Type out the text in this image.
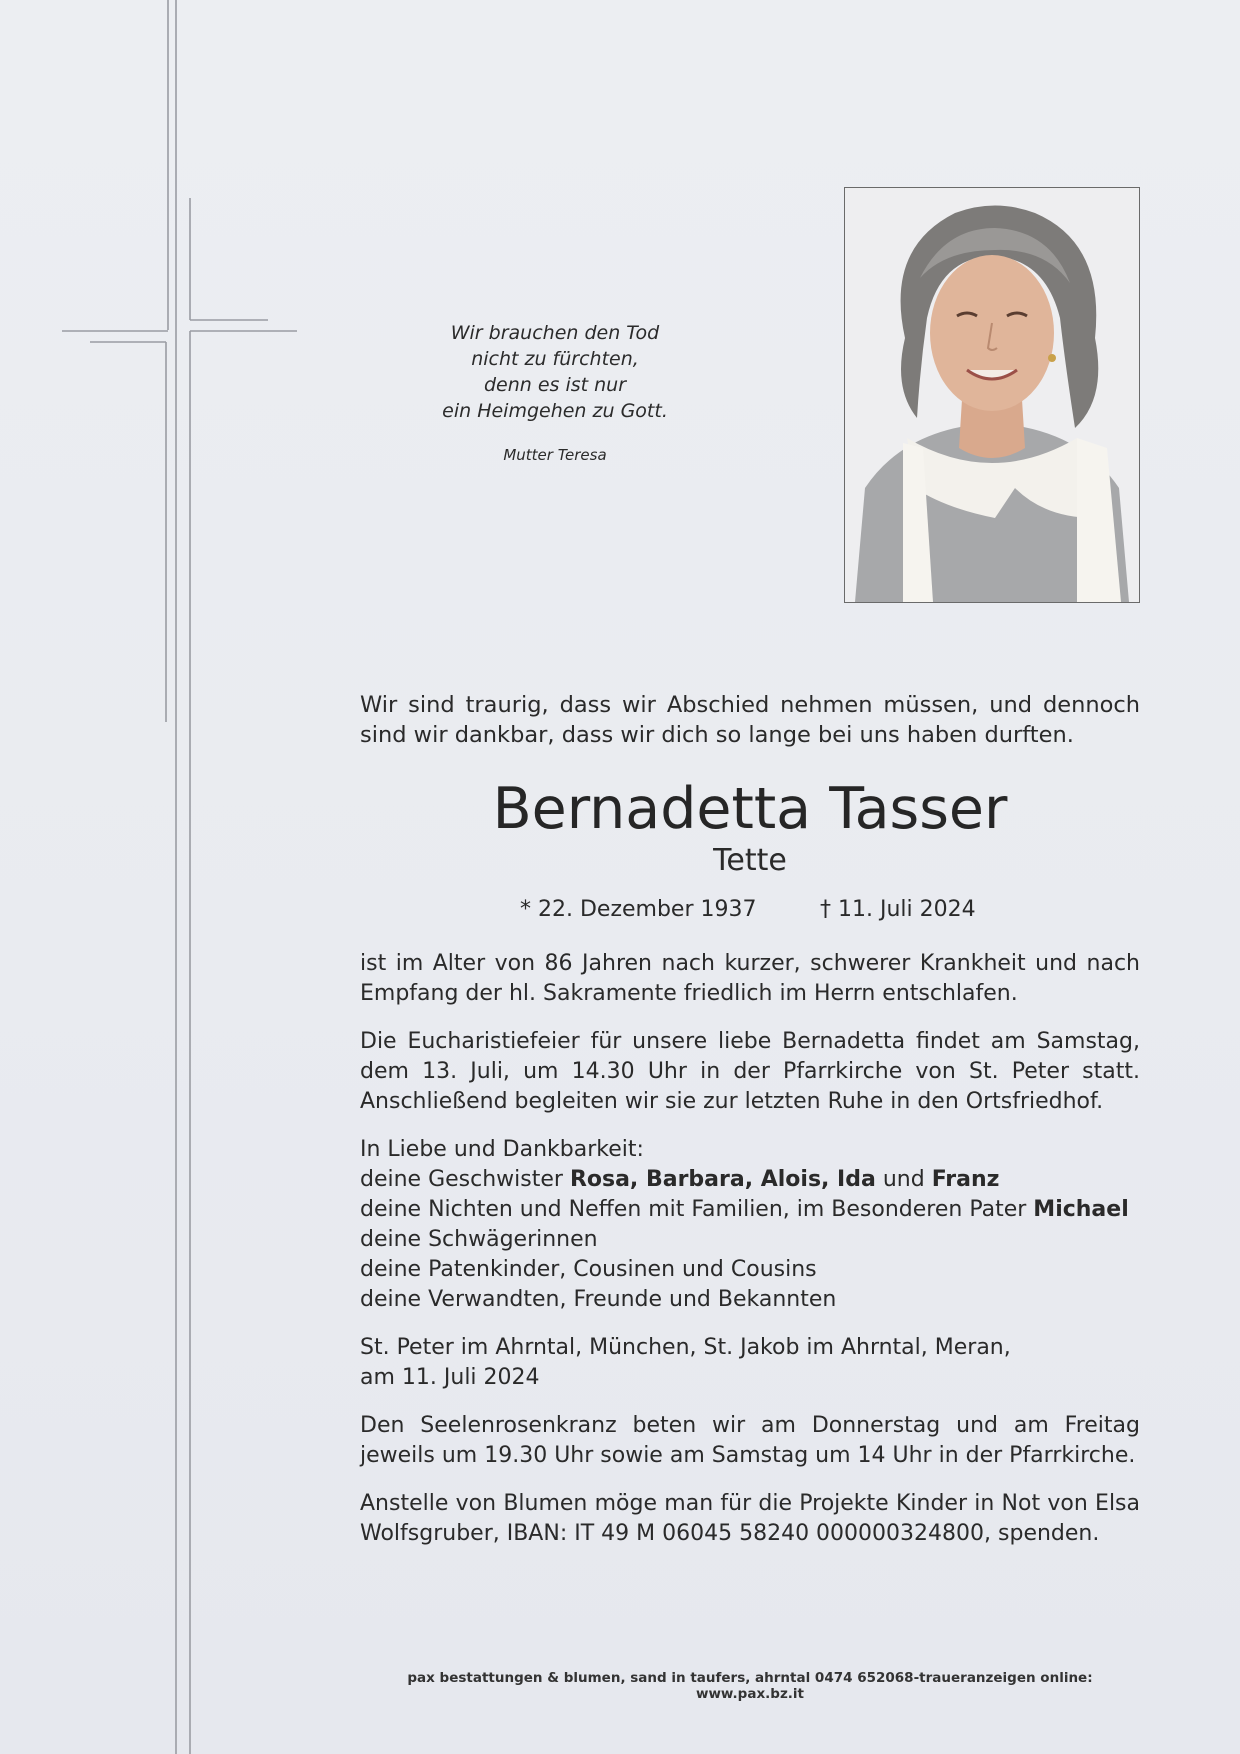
Wir brauchen den Tod
nicht zu fürchten,
denn es ist nur
ein Heimgehen zu Gott.
Mutter Teresa

Wir sind traurig, dass wir Abschied nehmen müssen, und dennoch sind wir dankbar, dass wir dich so lange bei uns haben durften.

Bernadetta Tasser
Tette
* 22. Dezember 1937	† 11. Juli 2024

ist im Alter von 86 Jahren nach kurzer, schwerer Krankheit und nach Empfang der hl. Sakramente friedlich im Herrn entschlafen.

Die Eucharistiefeier für unsere liebe Bernadetta findet am Samstag, dem 13. Juli, um 14.30 Uhr in der Pfarrkirche von St. Peter statt. Anschließend begleiten wir sie zur letzten Ruhe in den Ortsfriedhof.

In Liebe und Dankbarkeit:
deine Geschwister Rosa, Barbara, Alois, Ida und Franz
deine Nichten und Neffen mit Familien, im Besonderen Pater Michael
deine Schwägerinnen
deine Patenkinder, Cousinen und Cousins
deine Verwandten, Freunde und Bekannten

St. Peter im Ahrntal, München, St. Jakob im Ahrntal, Meran,
am 11. Juli 2024

Den Seelenrosenkranz beten wir am Donnerstag und am Freitag jeweils um 19.30 Uhr sowie am Samstag um 14 Uhr in der Pfarrkirche.

Anstelle von Blumen möge man für die Projekte Kinder in Not von Elsa Wolfsgruber, IBAN: IT 49 M 06045 58240 000000324800, spenden.

pax bestattungen & blumen, sand in taufers, ahrntal 0474 652068-traueranzeigen online: www.pax.bz.it
